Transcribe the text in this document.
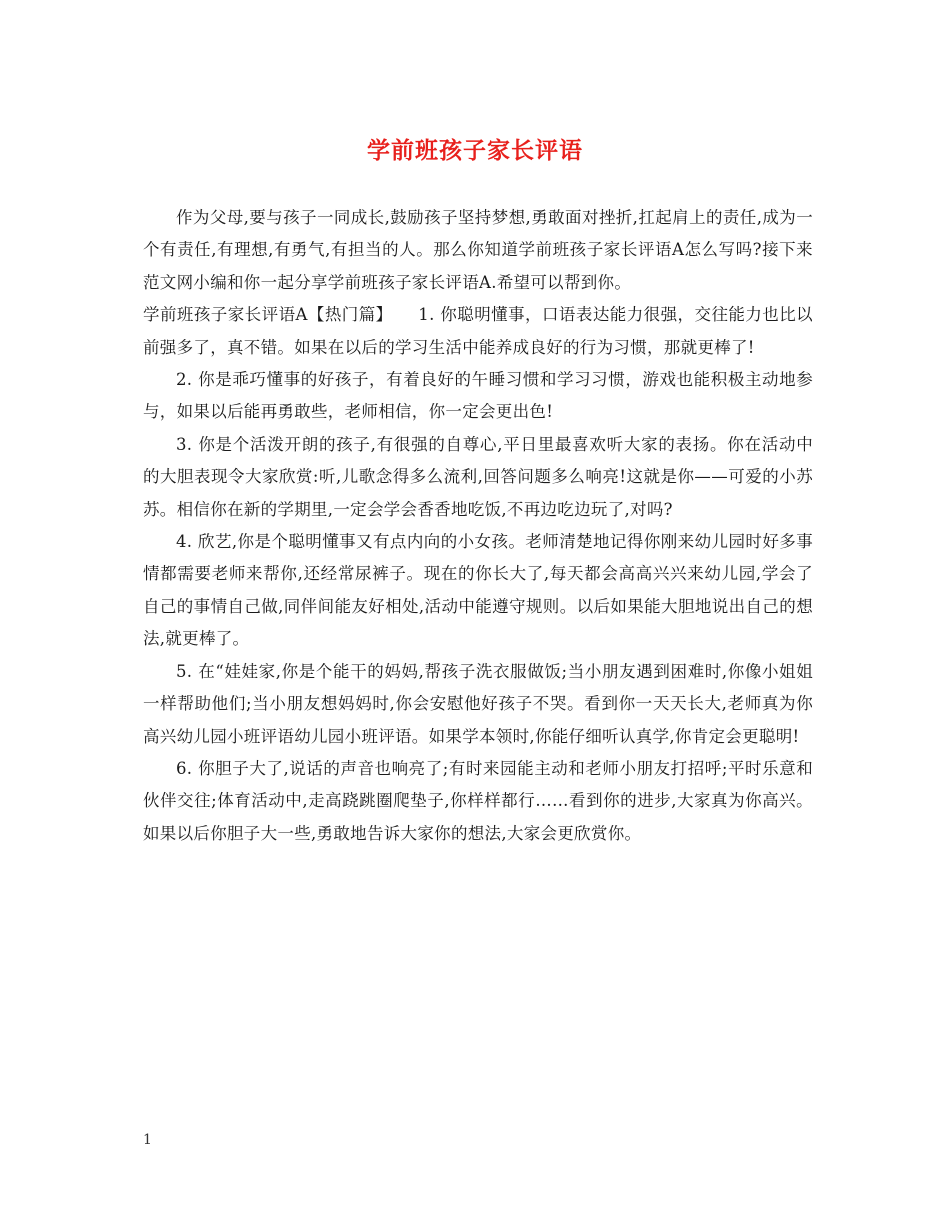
学前班孩子家长评语

作为父母,要与孩子一同成长,鼓励孩子坚持梦想,勇敢面对挫折,扛起肩上的责任,成为一个有责任,有理想,有勇气,有担当的人。那么你知道学前班孩子家长评语A怎么写吗?接下来范文网小编和你一起分享学前班孩子家长评语A.希望可以帮到你。

学前班孩子家长评语A【热门篇】　　1. 你聪明懂事，口语表达能力很强，交往能力也比以前强多了，真不错。如果在以后的学习生活中能养成良好的行为习惯，那就更棒了!

2. 你是乖巧懂事的好孩子，有着良好的午睡习惯和学习习惯，游戏也能积极主动地参与，如果以后能再勇敢些，老师相信，你一定会更出色!

3. 你是个活泼开朗的孩子,有很强的自尊心,平日里最喜欢听大家的表扬。你在活动中的大胆表现令大家欣赏:听,儿歌念得多么流利,回答问题多么响亮!这就是你——可爱的小苏苏。相信你在新的学期里,一定会学会香香地吃饭,不再边吃边玩了,对吗?

4. 欣艺,你是个聪明懂事又有点内向的小女孩。老师清楚地记得你刚来幼儿园时好多事情都需要老师来帮你,还经常尿裤子。现在的你长大了,每天都会高高兴兴来幼儿园,学会了自己的事情自己做,同伴间能友好相处,活动中能遵守规则。以后如果能大胆地说出自己的想法,就更棒了。

5. 在“娃娃家,你是个能干的妈妈,帮孩子洗衣服做饭;当小朋友遇到困难时,你像小姐姐一样帮助他们;当小朋友想妈妈时,你会安慰他好孩子不哭。看到你一天天长大,老师真为你高兴幼儿园小班评语幼儿园小班评语。如果学本领时,你能仔细听认真学,你肯定会更聪明!

6. 你胆子大了,说话的声音也响亮了;有时来园能主动和老师小朋友打招呼;平时乐意和伙伴交往;体育活动中,走高跷跳圈爬垫子,你样样都行……看到你的进步,大家真为你高兴。如果以后你胆子大一些,勇敢地告诉大家你的想法,大家会更欣赏你。

1
